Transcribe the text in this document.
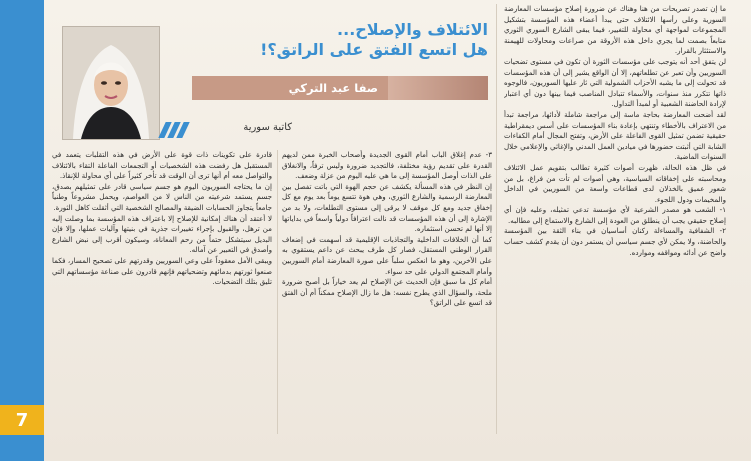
7
الائتلاف والإصلاح...
هل اتسع الفتق على الراتق؟!
صفا عبد التركي
كاتبة سورية

ما إن تصدر تصريحات من هنا وهناك عن ضرورة إصلاح مؤسسات المعارضة السورية وعلى رأسها الائتلاف حتى يبدأ أعضاء هذه المؤسسة بتشكيل المجموعات لمواجهة أي محاولة للتغيير، فيما يبقى الشارع السوري الثوري متابعاً بصمت لما يجري داخل هذه الأروقة من صراعات ومحاولات للهيمنة والاستئثار بالقرار.

لن يتفق أحد أنه يتوجب على مؤسسات الثورة أن تكون في مستوى تضحيات السوريين وأن تعبر عن تطلعاتهم، إلا أن الواقع يشير إلى أن هذه المؤسسات قد تحولت إلى ما يشبه الأحزاب الشمولية التي ثار عليها السوريون، فالوجوه ذاتها تتكرر منذ سنوات، والأسماء تتبادل المناصب فيما بينها دون أي اعتبار لإرادة الحاضنة الشعبية أو لمبدأ التداول.

لقد أضحت المعارضة بحاجة ماسة إلى مراجعة شاملة لأدائها، مراجعة تبدأ من الاعتراف بالأخطاء وتنتهي بإعادة بناء المؤسسات على أسس ديمقراطية حقيقية تضمن تمثيل القوى الفاعلة على الأرض، وتفتح المجال أمام الكفاءات الشابة التي أثبتت حضورها في ميادين العمل المدني والإغاثي والإعلامي خلال السنوات الماضية.

في ظل هذه الحالة، ظهرت أصوات كثيرة تطالب بتقويم عمل الائتلاف ومحاسبته على إخفاقاته السياسية، وهي أصوات لم تأت من فراغ، بل من شعور عميق بالخذلان لدى قطاعات واسعة من السوريين في الداخل والمخيمات ودول اللجوء.

١- الشعب هو مصدر الشرعية لأي مؤسسة تدعي تمثيله، وعليه فإن أي إصلاح حقيقي يجب أن ينطلق من العودة إلى الشارع والاستماع إلى مطالبه.

٢- الشفافية والمساءلة ركنان أساسيان في بناء الثقة بين المؤسسة والحاضنة، ولا يمكن لأي جسم سياسي أن يستمر دون أن يقدم كشف حساب واضح عن أدائه ومواقفه وموارده.

٣- عدم إغلاق الباب أمام القوى الجديدة وأصحاب الخبرة ممن لديهم القدرة على تقديم رؤية مختلفة، فالتجديد ضرورة وليس ترفاً، والانغلاق على الذات أوصل المؤسسة إلى ما هي عليه اليوم من عزلة وضعف.

إن النظر في هذه المسألة يكشف عن حجم الهوة التي باتت تفصل بين المعارضة الرسمية والشارع الثوري، وهي هوة تتسع يوماً بعد يوم مع كل إخفاق جديد ومع كل موقف لا يرقى إلى مستوى التطلعات، ولا بد من الإشارة إلى أن هذه المؤسسات قد نالت اعترافاً دولياً واسعاً في بداياتها إلا أنها لم تحسن استثماره.

كما أن الخلافات الداخلية والتجاذبات الإقليمية قد أسهمت في إضعاف القرار الوطني المستقل، فصار كل طرف يبحث عن داعم يستقوي به على الآخرين، وهو ما انعكس سلباً على صورة المعارضة أمام السوريين وأمام المجتمع الدولي على حد سواء.

أمام كل ما سبق فإن الحديث عن الإصلاح لم يعد خياراً بل أصبح ضرورة ملحة، والسؤال الذي يطرح نفسه: هل ما زال الإصلاح ممكناً أم أن الفتق قد اتسع على الراتق؟

قادرة على تكوينات ذات قوة على الأرض في هذه التقلبات يتعمد في المستقبل هل رفضت هذه الشخصيات أو التجمعات الفاعلة التقاء بالائتلاف والتواصل معه أم أنها ترى أن الوقت قد تأخر كثيراً على أي محاولة للإنقاذ.

إن ما يحتاجه السوريون اليوم هو جسم سياسي قادر على تمثيلهم بصدق، جسم يستمد شرعيته من الناس لا من العواصم، ويحمل مشروعاً وطنياً جامعاً يتجاوز الحسابات الضيقة والمصالح الشخصية التي أثقلت كاهل الثورة.

لا أعتقد أن هناك إمكانية للإصلاح إلا باعتراف هذه المؤسسة بما وصلت إليه من ترهل، والقبول بإجراء تغييرات جذرية في بنيتها وآليات عملها، وإلا فإن البديل سيتشكل حتماً من رحم المعاناة، وسيكون أقرب إلى نبض الشارع وأصدق في التعبير عن آماله.

ويبقى الأمل معقوداً على وعي السوريين وقدرتهم على تصحيح المسار، فكما صنعوا ثورتهم بدمائهم وتضحياتهم فإنهم قادرون على صناعة مؤسساتهم التي تليق بتلك التضحيات.
